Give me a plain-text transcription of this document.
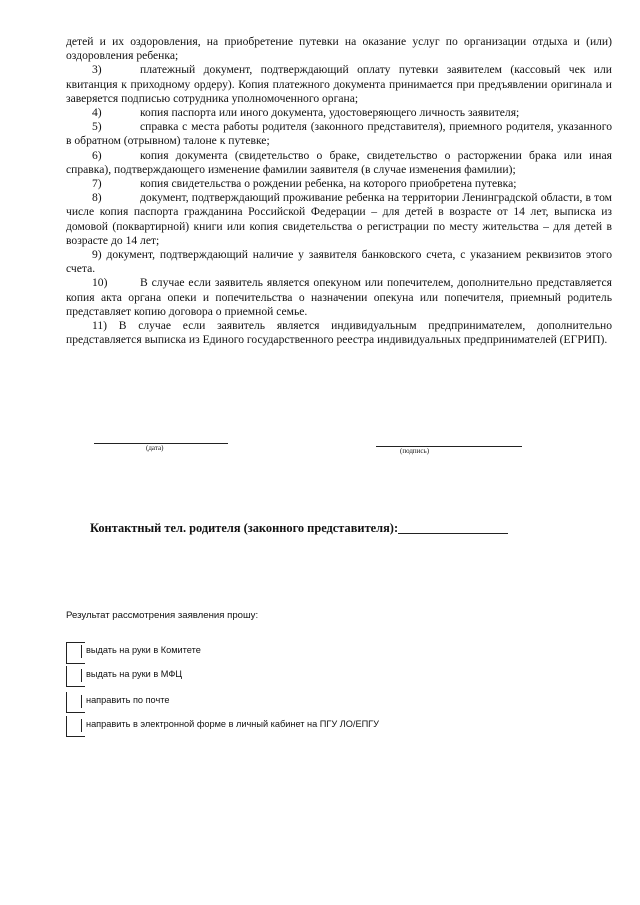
детей и их оздоровления, на приобретение путевки на оказание услуг по организации отдыха и (или) оздоровления ребенка;

3)	платежный документ, подтверждающий оплату путевки заявителем (кассовый чек или квитанция к приходному ордеру). Копия платежного документа принимается при предъявлении оригинала и заверяется подписью сотрудника уполномоченного органа;

4)	копия паспорта или иного документа, удостоверяющего личность заявителя;

5)	справка с места работы родителя (законного представителя), приемного родителя, указанного в обратном (отрывном) талоне к путевке;

6)	копия документа (свидетельство о браке, свидетельство о расторжении брака или иная справка), подтверждающего изменение фамилии заявителя (в случае изменения фамилии);

7)	копия свидетельства о рождении ребенка, на которого приобретена путевка;

8)	документ, подтверждающий проживание ребенка на территории Ленинградской области, в том числе копия паспорта гражданина Российской Федерации – для детей в возрасте от 14 лет, выписка из домовой (поквартирной) книги или копия свидетельства о регистрации по месту жительства – для детей в возрасте до 14 лет;

9) документ, подтверждающий наличие у заявителя банковского счета, с указанием реквизитов этого счета.

10)	В случае если заявитель является опекуном или попечителем, дополнительно представляется копия акта органа опеки и попечительства о назначении опекуна или попечителя, приемный родитель представляет копию договора о приемной семье.

11) В случае если заявитель является индивидуальным предпринимателем, дополнительно представляется выписка из Единого государственного реестра индивидуальных предпринимателей (ЕГРИП).

(дата)	(подпись)
Контактный тел. родителя (законного представителя):
Результат рассмотрения заявления прошу:
выдать на руки в Комитете
выдать на руки в МФЦ
направить по почте
направить в электронной форме в личный кабинет на ПГУ ЛО/ЕПГУ
